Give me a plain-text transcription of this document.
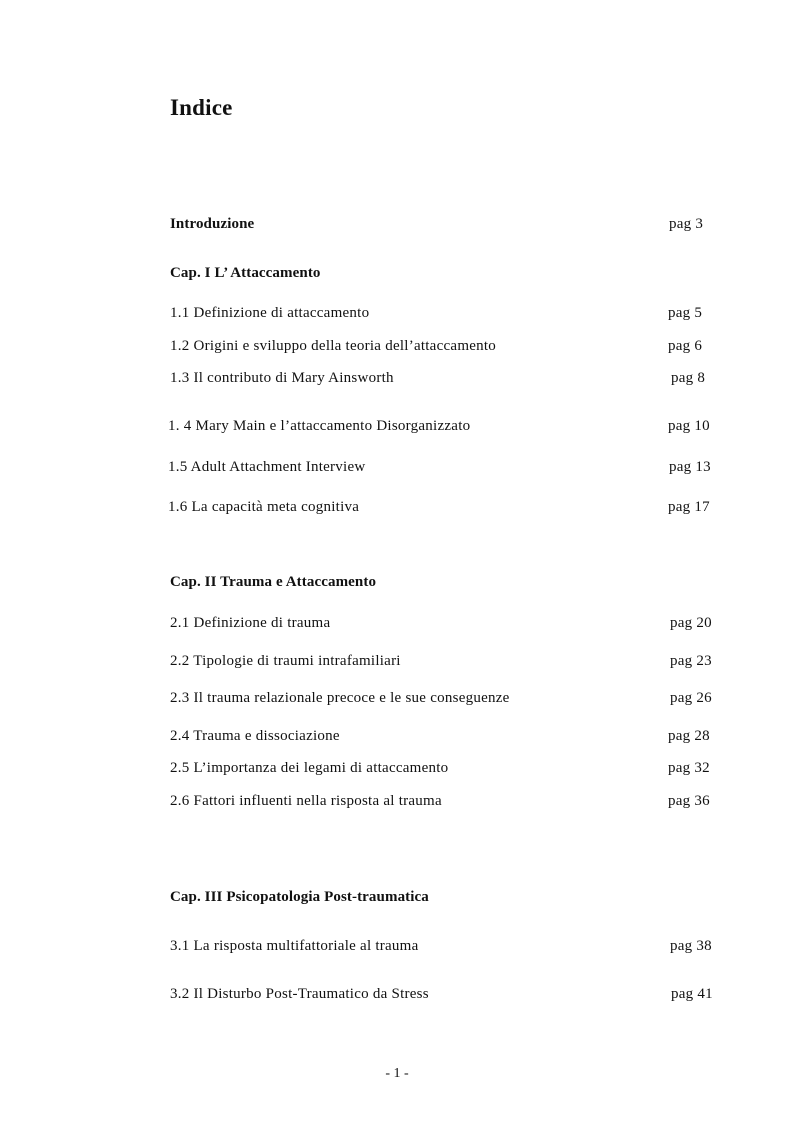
Indice
Introduzione	pag 3
Cap. I L’ Attaccamento
1.1 Definizione di attaccamento	pag 5
1.2 Origini e sviluppo della teoria dell’attaccamento	pag 6
1.3 Il contributo di Mary Ainsworth	pag 8
1. 4 Mary Main e l’attaccamento Disorganizzato	pag 10
1.5 Adult Attachment Interview	pag 13
1.6 La capacità meta cognitiva	pag 17
Cap. II Trauma e Attaccamento
2.1 Definizione di trauma	pag 20
2.2 Tipologie di traumi intrafamiliari	pag 23
2.3 Il trauma relazionale precoce e le sue conseguenze	pag 26
2.4 Trauma e dissociazione	pag 28
2.5 L’importanza dei legami di attaccamento	pag 32
2.6 Fattori influenti nella risposta al trauma	pag 36
Cap. III Psicopatologia Post-traumatica
3.1 La risposta multifattoriale al trauma	pag 38
3.2 Il Disturbo Post-Traumatico da Stress	pag 41
- 1 -
